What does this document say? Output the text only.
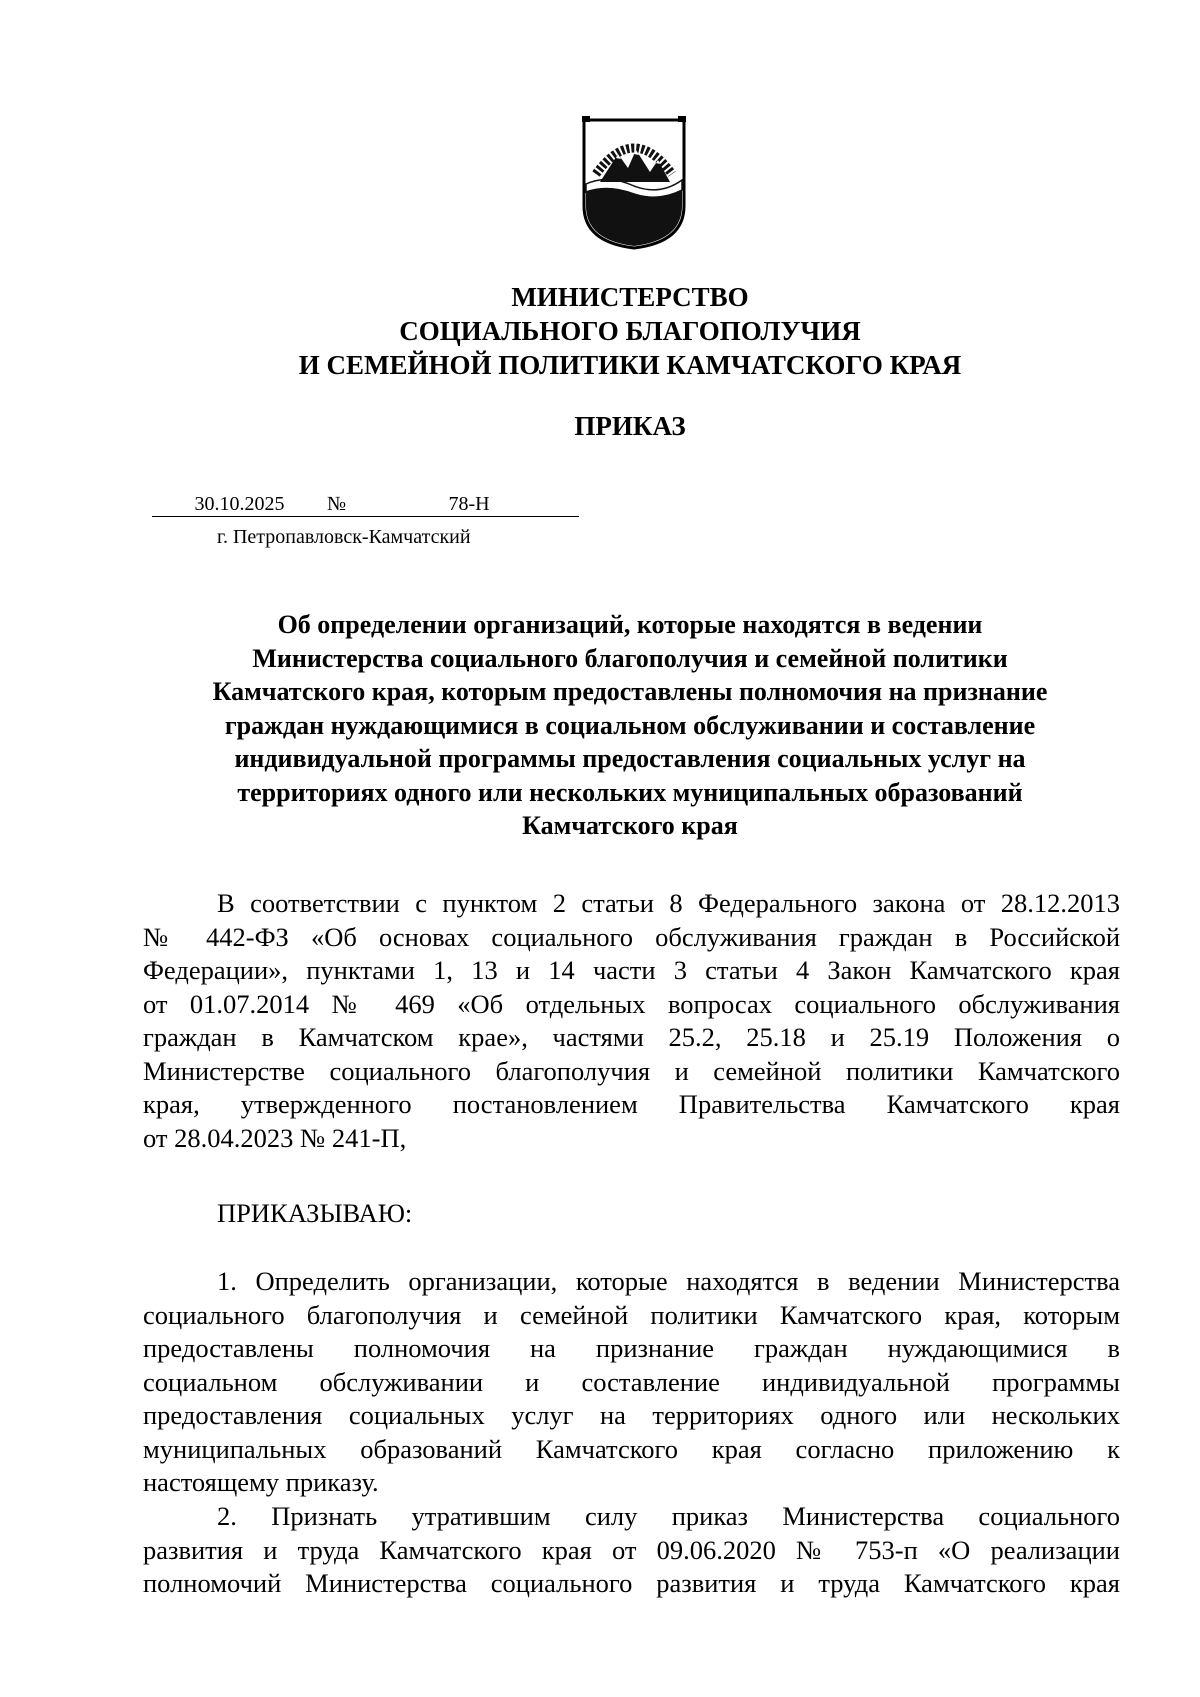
МИНИСТЕРСТВО
СОЦИАЛЬНОГО БЛАГОПОЛУЧИЯ
И СЕМЕЙНОЙ ПОЛИТИКИ КАМЧАТСКОГО КРАЯ
ПРИКАЗ
30.10.2025 №	78-Н
г. Петропавловск-Камчатский
Об определении организаций, которые находятся в ведении
Министерства социального благополучия и семейной политики
Камчатского края, которым предоставлены полномочия на признание
граждан нуждающимися в социальном обслуживании и составление
индивидуальной программы предоставления социальных услуг на
территориях одного или нескольких муниципальных образований
Камчатского края
В соответствии с пунктом 2 статьи 8 Федерального закона от 28.12.2013
№ 442-ФЗ «Об основах социального обслуживания граждан в Российской
Федерации», пунктами 1, 13 и 14 части 3 статьи 4 Закон Камчатского края
от 01.07.2014 № 469 «Об отдельных вопросах социального обслуживания
граждан в Камчатском крае», частями 25.2, 25.18 и 25.19 Положения о
Министерстве социального благополучия и семейной политики Камчатского
края, утвержденного постановлением Правительства Камчатского края
от 28.04.2023 № 241-П,
ПРИКАЗЫВАЮ:
1. Определить организации, которые находятся в ведении Министерства
социального благополучия и семейной политики Камчатского края, которым
предоставлены полномочия на признание граждан нуждающимися в
социальном обслуживании и составление индивидуальной программы
предоставления социальных услуг на территориях одного или нескольких
муниципальных образований Камчатского края согласно приложению к
настоящему приказу.
2. Признать утратившим силу приказ Министерства социального
развития и труда Камчатского края от 09.06.2020 № 753-п «О реализации
полномочий Министерства социального развития и труда Камчатского края
